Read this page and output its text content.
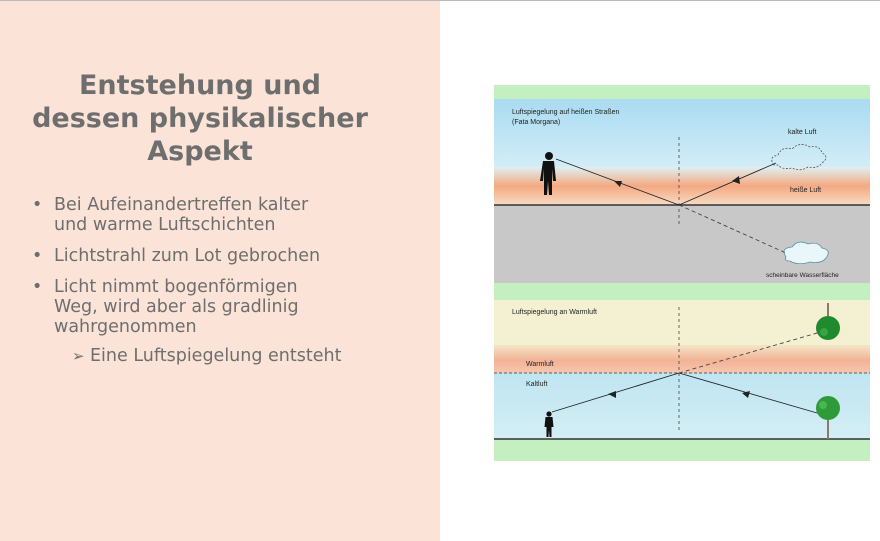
Entstehung und
dessen physikalischer
Aspekt
• Bei Aufeinandertreffen kalter
und warme Luftschichten
• Lichtstrahl zum Lot gebrochen
• Licht nimmt bogenförmigen
Weg, wird aber als gradlinig
wahrgenommen
➢ Eine Luftspiegelung entsteht
Luftspiegelung auf heißen Straßen
(Fata Morgana)
kalte Luft
heiße Luft
scheinbare Wasserfläche
Luftspiegelung an Warmluft
Warmluft
Kaltluft
